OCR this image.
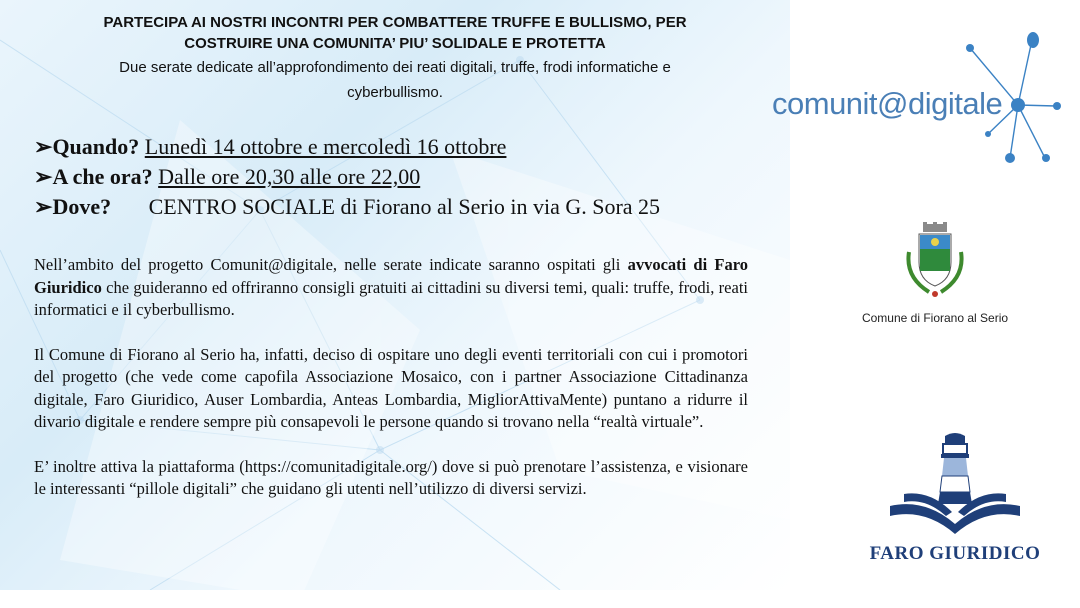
PARTECIPA AI NOSTRI INCONTRI PER COMBATTERE TRUFFE E BULLISMO, PER
COSTRUIRE UNA COMUNITA’ PIU’ SOLIDALE E PROTETTA
Due serate dedicate all’approfondimento dei reati digitali, truffe, frodi informatiche e
cyberbullismo.
➢Quando? Lunedì 14 ottobre e mercoledì 16 ottobre
➢A che ora? Dalle ore 20,30 alle ore 22,00
➢Dove? CENTRO SOCIALE di Fiorano al Serio in via G. Sora 25

Nell’ambito del progetto Comunit@digitale, nelle serate indicate saranno ospitati gli avvocati di Faro Giuridico che guideranno ed offriranno consigli gratuiti ai cittadini su diversi temi, quali: truffe, frodi, reati informatici e il cyberbullismo.

Il Comune di Fiorano al Serio ha, infatti, deciso di ospitare uno degli eventi territoriali con cui i promotori del progetto (che vede come capofila Associazione Mosaico, con i partner Associazione Cittadinanza digitale, Faro Giuridico, Auser Lombardia, Anteas Lombardia, MigliorAttivaMente) puntano a ridurre il divario digitale e rendere sempre più consapevoli le persone quando si trovano nella “realtà virtuale”.

E’ inoltre attiva la piattaforma (https://comunitadigitale.org/) dove si può prenotare l’assistenza, e visionare le interessanti “pillole digitali” che guidano gli utenti nell’utilizzo di diversi servizi.

comunit@digitale
Comune di Fiorano al Serio
FARO GIURIDICO
